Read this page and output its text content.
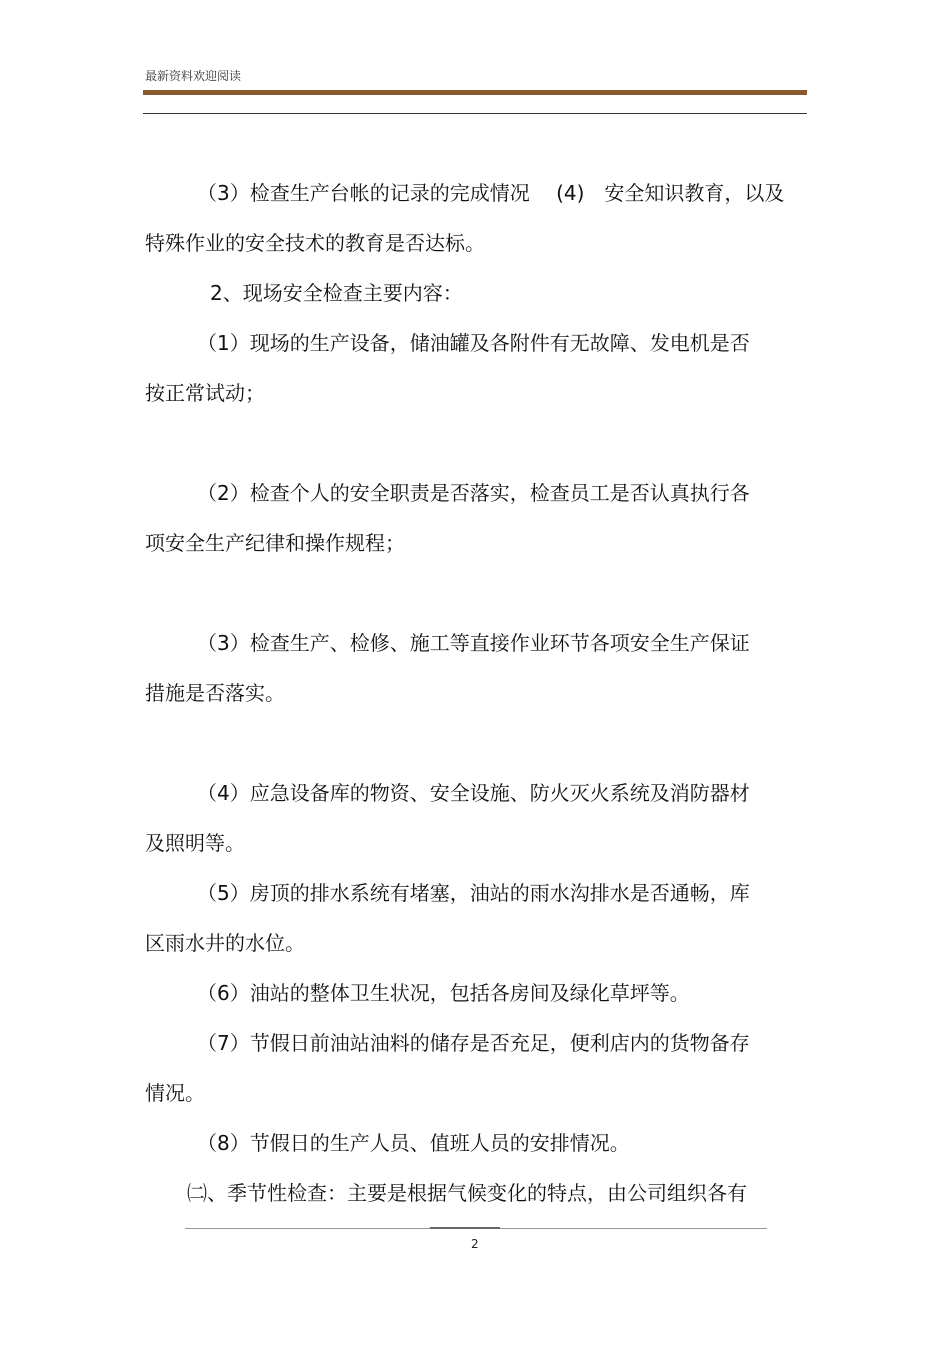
最新资料欢迎阅读
（3）检查生产台帐的记录的完成情况　 (4)　安全知识教育，以及
特殊作业的安全技术的教育是否达标。
2、现场安全检查主要内容：
（1）现场的生产设备，储油罐及各附件有无故障、发电机是否
按正常试动；
（2）检查个人的安全职责是否落实，检查员工是否认真执行各
项安全生产纪律和操作规程；
（3）检查生产、检修、施工等直接作业环节各项安全生产保证
措施是否落实。
（4）应急设备库的物资、安全设施、防火灭火系统及消防器材
及照明等。
（5）房顶的排水系统有堵塞，油站的雨水沟排水是否通畅，库
区雨水井的水位。
（6）油站的整体卫生状况，包括各房间及绿化草坪等。
（7）节假日前油站油料的储存是否充足，便利店内的货物备存
情况。
（8）节假日的生产人员、值班人员的安排情况。
㈡、季节性检查：主要是根据气候变化的特点，由公司组织各有
2
